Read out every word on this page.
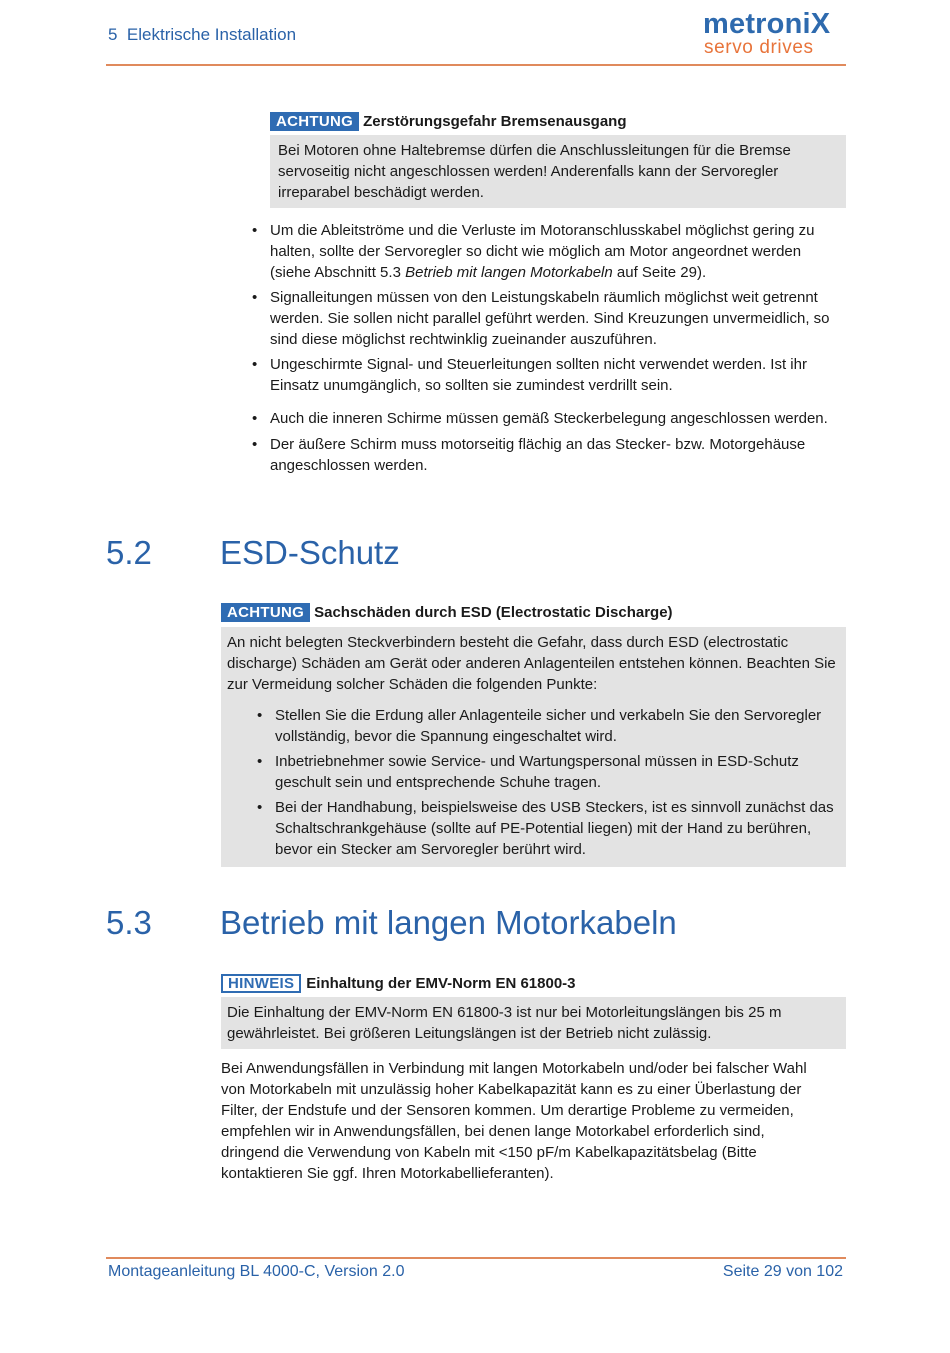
5  Elektrische Installation	metroniX
servo drives
ACHTUNG Zerstörungsgefahr Bremsenausgang

Bei Motoren ohne Haltebremse dürfen die Anschlussleitungen für die Bremse servoseitig nicht angeschlossen werden! Anderenfalls kann der Servoregler irreparabel beschädigt werden.

• Um die Ableitströme und die Verluste im Motoranschlusskabel möglichst gering zu halten, sollte der Servoregler so dicht wie möglich am Motor angeordnet werden (siehe Abschnitt 5.3 Betrieb mit langen Motorkabeln auf Seite 29).
• Signalleitungen müssen von den Leistungskabeln räumlich möglichst weit getrennt werden. Sie sollen nicht parallel geführt werden. Sind Kreuzungen unvermeidlich, so sind diese möglichst rechtwinklig zueinander auszuführen.
• Ungeschirmte Signal- und Steuerleitungen sollten nicht verwendet werden. Ist ihr Einsatz unumgänglich, so sollten sie zumindest verdrillt sein.
• Auch die inneren Schirme müssen gemäß Steckerbelegung angeschlossen werden.
• Der äußere Schirm muss motorseitig flächig an das Stecker- bzw. Motorgehäuse angeschlossen werden.
5.2 ESD-Schutz
ACHTUNG Sachschäden durch ESD (Electrostatic Discharge)

An nicht belegten Steckverbindern besteht die Gefahr, dass durch ESD (electrostatic discharge) Schäden am Gerät oder anderen Anlagenteilen entstehen können. Beachten Sie zur Vermeidung solcher Schäden die folgenden Punkte:

• Stellen Sie die Erdung aller Anlagenteile sicher und verkabeln Sie den Servoregler vollständig, bevor die Spannung eingeschaltet wird.
• Inbetriebnehmer sowie Service- und Wartungspersonal müssen in ESD-Schutz geschult sein und entsprechende Schuhe tragen.
• Bei der Handhabung, beispielsweise des USB Steckers, ist es sinnvoll zunächst das Schaltschrankgehäuse (sollte auf PE-Potential liegen) mit der Hand zu berühren, bevor ein Stecker am Servoregler berührt wird.
5.3 Betrieb mit langen Motorkabeln
HINWEIS Einhaltung der EMV-Norm EN 61800-3

Die Einhaltung der EMV-Norm EN 61800-3 ist nur bei Motorleitungslängen bis 25 m gewährleistet. Bei größeren Leitungslängen ist der Betrieb nicht zulässig.

Bei Anwendungsfällen in Verbindung mit langen Motorkabeln und/oder bei falscher Wahl von Motorkabeln mit unzulässig hoher Kabelkapazität kann es zu einer Überlastung der Filter, der Endstufe und der Sensoren kommen. Um derartige Probleme zu vermeiden, empfehlen wir in Anwendungsfällen, bei denen lange Motorkabel erforderlich sind, dringend die Verwendung von Kabeln mit <150 pF/m Kabelkapazitätsbelag (Bitte kontaktieren Sie ggf. Ihren Motorkabellieferanten).
Montageanleitung BL 4000-C, Version 2.0	Seite 29 von 102
